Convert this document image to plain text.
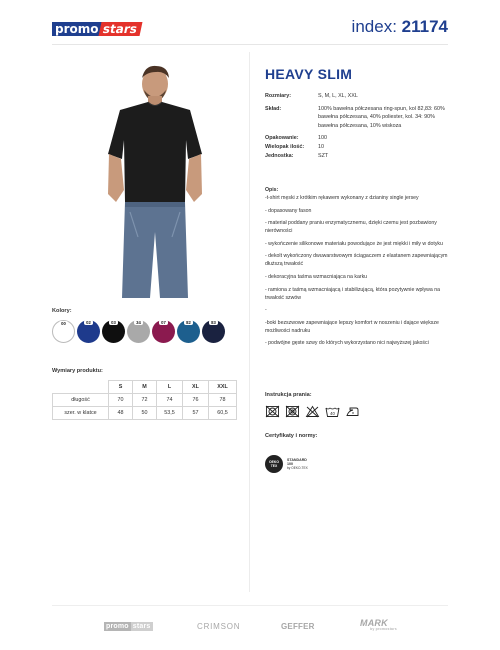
promo stars	index: 21174
HEAVY SLIM
Rozmiary:	S, M, L, XL, XXL
Skład:	100% bawełna półczesana ring-spun, kol 82,83: 60% bawełna półczesana, 40% poliester, kol. 34: 90% bawełna półczesana, 10% wiskoza
Opakowanie:	100
Wielopak ilość:	10
Jednostka:	SZT
Opis:

-t-shirt męski z krótkim rękawem wykonany z dzianiny single jersey

- dopasowany fason

- materiał poddany praniu enzymatycznemu, dzięki czemu jest pozbawiony nierówności

- wykończenie silikonowe materiału powodujące że jest miękki i miły w dotyku

- dekolt wykończony dwuwarstwowym ściągaczem z elastanem zapewniającym dłuższą trwałość

- dekoracyjna taśma wzmacniająca na karku

- ramiona z taśmą wzmacniającą i stabilizującą, która pozytywnie wpływa na trwałość szwów

-

-boki bezszwowe zapewniające lepszy komfort w noszeniu i dające większe możliwości nadruku

- podwójne gęste szwy do których wykorzystano nici najwyższej jakości

Instrukcja prania:
40
Certyfikaty i normy:
OEKO
TEX
STANDARD
100
by OEKO-TEX
Kolory:
00	02	03	34	07	82	83
Wymiary produktu:
	S	M	L	XL	XXL
długość	70	72	74	76	78
szer. w klatce	48	50	53,5	57	60,5
promo stars	CRIMSON	GEFFER	MARK
by promostars
